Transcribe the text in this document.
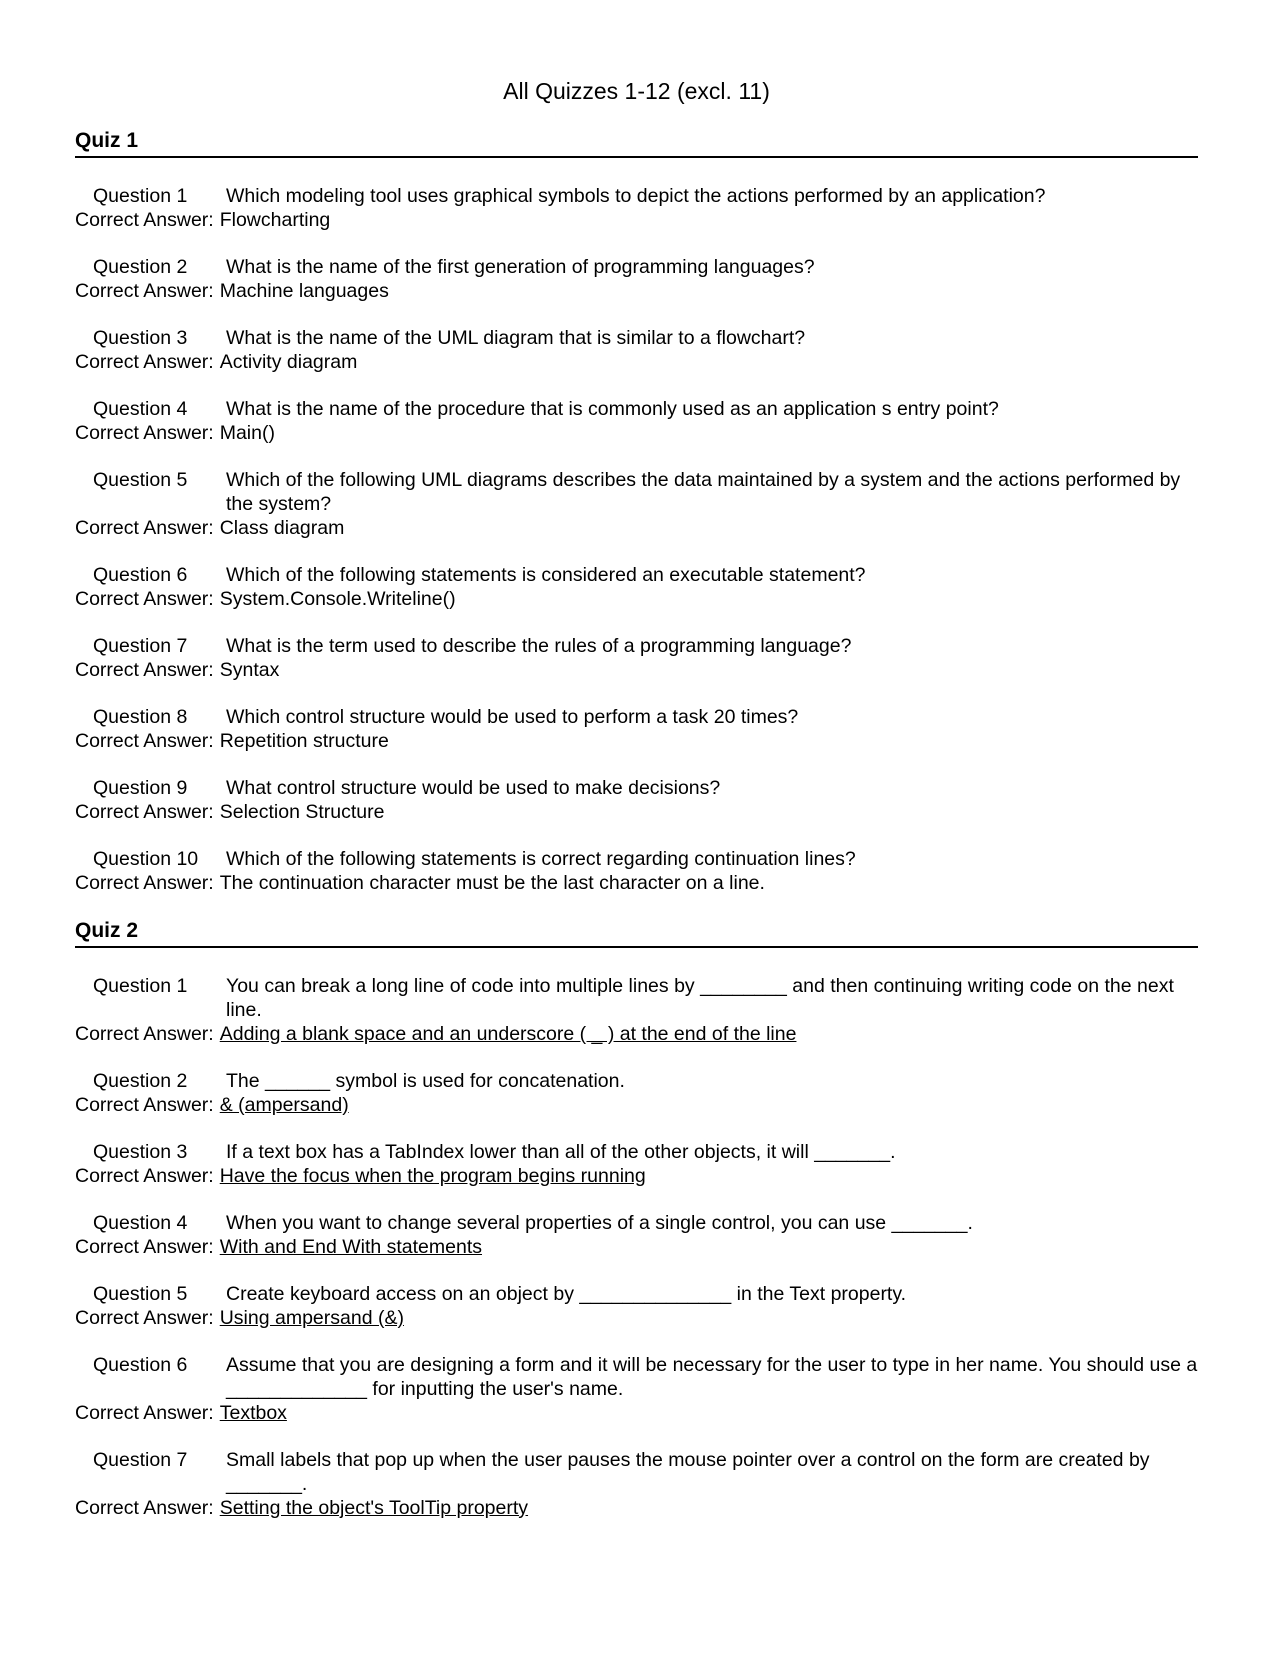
All Quizzes 1-12 (excl. 11)
Quiz 1
Question 1	Which modeling tool uses graphical symbols to depict the actions performed by an application?
Correct Answer: Flowcharting
Question 2	What is the name of the first generation of programming languages?
Correct Answer: Machine languages
Question 3	What is the name of the UML diagram that is similar to a flowchart?
Correct Answer: Activity diagram
Question 4	What is the name of the procedure that is commonly used as an application s entry point?
Correct Answer: Main()
Question 5	Which of the following UML diagrams describes the data maintained by a system and the actions performed by the system?
Correct Answer: Class diagram
Question 6	Which of the following statements is considered an executable statement?
Correct Answer: System.Console.Writeline()
Question 7	What is the term used to describe the rules of a programming language?
Correct Answer: Syntax
Question 8	Which control structure would be used to perform a task 20 times?
Correct Answer: Repetition structure
Question 9	What control structure would be used to make decisions?
Correct Answer: Selection Structure
Question 10	Which of the following statements is correct regarding continuation lines?
Correct Answer: The continuation character must be the last character on a line.
Quiz 2
Question 1	You can break a long line of code into multiple lines by ________ and then continuing writing code on the next line.
Correct Answer: Adding a blank space and an underscore ( _ ) at the end of the line
Question 2	The ______ symbol is used for concatenation.
Correct Answer: & (ampersand)
Question 3	If a text box has a TabIndex lower than all of the other objects, it will _______.
Correct Answer: Have the focus when the program begins running
Question 4	When you want to change several properties of a single control, you can use _______.
Correct Answer: With and End With statements
Question 5	Create keyboard access on an object by ______________ in the Text property.
Correct Answer: Using ampersand (&)
Question 6	Assume that you are designing a form and it will be necessary for the user to type in her name. You should use a _____________ for inputting the user's name.
Correct Answer: Textbox
Question 7	Small labels that pop up when the user pauses the mouse pointer over a control on the form are created by _______.
Correct Answer: Setting the object's ToolTip property
